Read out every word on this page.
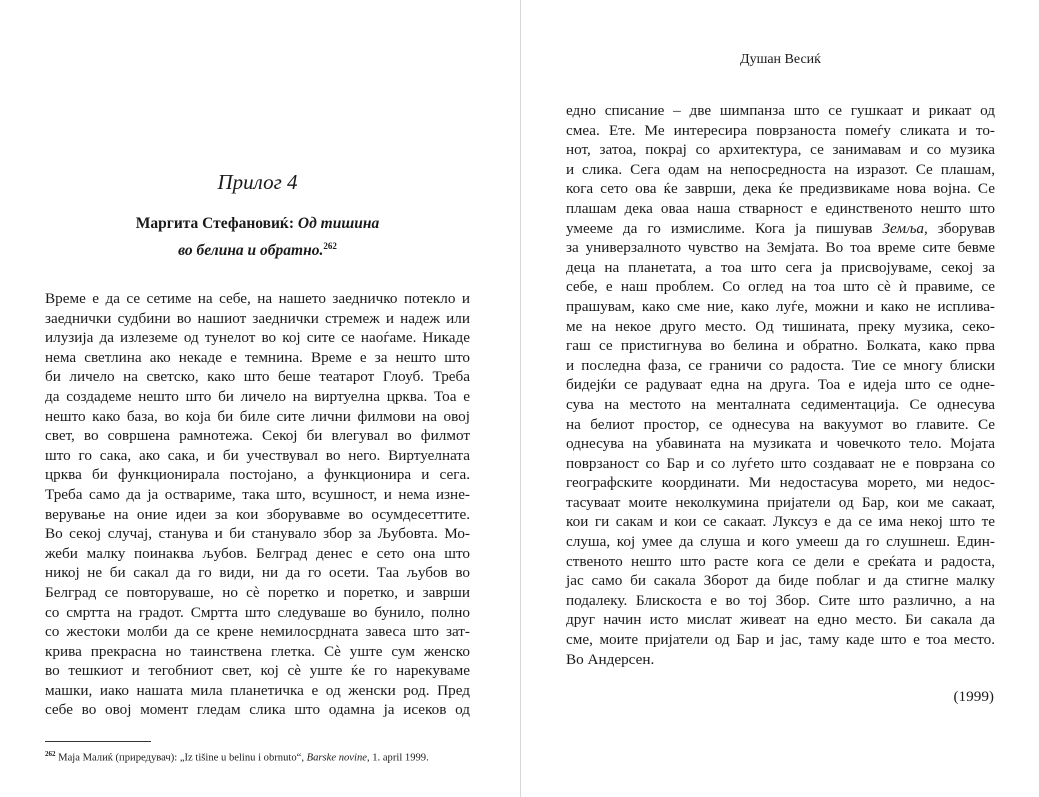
Прилог 4
Маргита Стефановиќ: Од тишина
во белина и обратно.$^{262}$

Време е да се сетиме на себе, на нашето заедничко потекло и
заеднички судбини во нашиот заеднички стремеж и надеж или
илузија да излеземе од тунелот во кој сите се наоѓаме. Никаде
нема светлина ако некаде е темнина. Време е за нешто што
би личело на светско, како што беше театарот Глоуб. Треба
да создадеме нешто што би личело на виртуелна црква. Тоа е
нешто како база, во која би биле сите лични филмови на овој
свет, во совршена рамнотежа. Секој би влегувал во филмот
што го сака, ако сака, и би учествувал во него. Виртуелната
црква би функционирала постојано, а функционира и сега.
Треба само да ја оствариме, така што, всушност, и нема изне-
верување на оние идеи за кои зборувавме во осумдесеттите.
Во секој случај, станува и би станувало збор за Љубовта. Мо-
жеби малку поинаква љубов. Белград денес е сето она што
никој не би сакал да го види, ни да го осети. Таа љубов во
Белград се повторуваше, но сè поретко и поретко, и заврши
со смртта на градот. Смртта што следуваше во бунило, полно
со жестоки молби да се крене немилосрдната завеса што зат-
крива прекрасна но таинствена глетка. Сè уште сум женско
во тешкиот и тегобниот свет, кој сè уште ќе го нарекуваме
машки, иако нашата мила планетичка е од женски род. Пред
себе во овој момент гледам слика што одамна ја исеков од

$^{262}$ Маја Малиќ (приредувач): „Iz tišine u belinu i obrnuto“, Barske novine, 1. april 1999.
Душан Весиќ

едно списание – две шимпанза што се гушкаат и рикаат од
смеа. Ете. Ме интересира поврзаноста помеѓу сликата и то-
нот, затоа, покрај со архитектура, се занимавам и со музика
и слика. Сега одам на непосредноста на изразот. Се плашам,
кога сето ова ќе заврши, дека ќе предизвикаме нова војна. Се
плашам дека оваа наша стварност е единственото нешто што
умееме да го измислиме. Кога ја пишував Земља, зборував
за универзалното чувство на Земјата. Во тоа време сите бевме
деца на планетата, а тоа што сега ја присвојуваме, секој за
себе, е наш проблем. Со оглед на тоа што сè ѝ правиме, се
прашувам, како сме ние, како луѓе, можни и како не исплива-
ме на некое друго место. Од тишината, преку музика, секо-
гаш се пристигнува во белина и обратно. Болката, како прва
и последна фаза, се граничи со радоста. Тие се многу блиски
бидејќи се радуваат една на друга. Тоа е идеја што се однe-
сува на местото на менталната седиментација. Се однесува
на белиот простор, се однесува на вакуумот во главите. Се
однесува на убавината на музиката и човечкото тело. Мојата
поврзаност со Бар и со луѓето што создаваат не е поврзана со
географските координати. Ми недостасува морето, ми недос-
тасуваат моите неколкумина пријатели од Бар, кои ме сакаат,
кои ги сакам и кои се сакаат. Луксуз е да се има некој што те
слуша, кој умее да слуша и кого умееш да го слушнеш. Един-
ственото нешто што расте кога се дели е среќата и радоста,
јас само би сакала Зборот да биде поблаг и да стигне малку
подалеку. Блискоста е во тој Збор. Сите што различно, а на
друг начин исто мислат живеат на едно место. Би сакала да
сме, моите пријатели од Бар и јас, таму каде што е тоа место.
Во Андерсен.

(1999)
